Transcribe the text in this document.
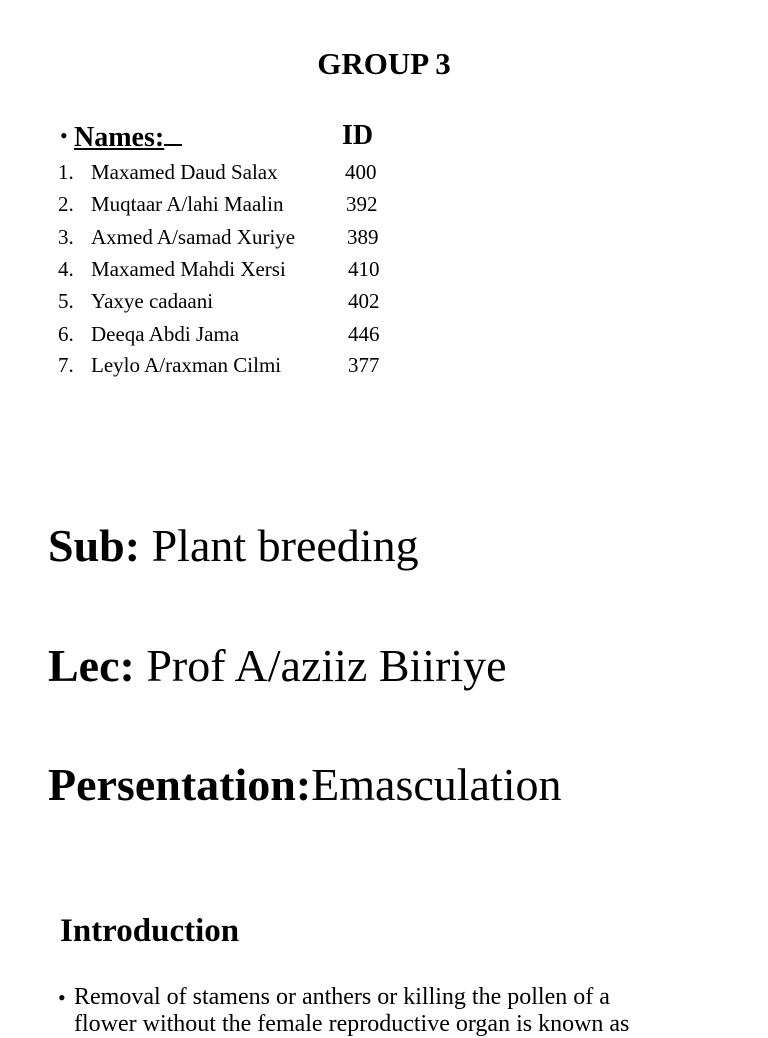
GROUP 3
• Names:	ID
1. Maxamed Daud Salax	400
2. Muqtaar A/lahi Maalin	392
3. Axmed A/samad Xuriye 389
4. Maxamed Mahdi Xersi	410
5. Yaxye cadaani	402
6. Deeqa Abdi Jama	446
7. Leylo A/raxman Cilmi	377
Sub: Plant breeding
Lec: Prof A/aziiz Biiriye
Persentation:Emasculation
Introduction
• Removal of stamens or anthers or killing the pollen of a
flower without the female reproductive organ is known as
